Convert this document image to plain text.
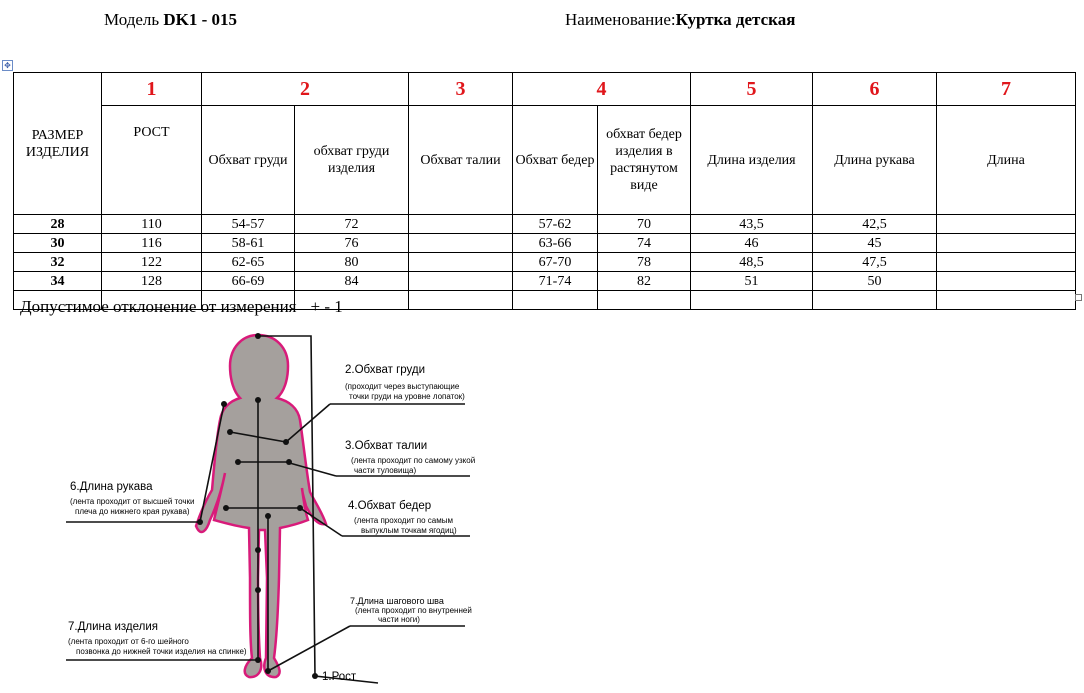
Модель DK1 - 015	Наименование:Куртка детская
✥
РАЗМЕР ИЗДЕЛИЯ	1	2		3	4		5	6	7
	РОСТ	Обхват груди	обхват груди изделия	Обхват талии	Обхват бедер	обхват бедер изделия в растянутом виде	Длина изделия	Длина рукава	Длина
28	110	54-57	72		57-62	70	43,5	42,5	
30	116	58-61	76		63-66	74	46	45	
32	122	62-65	80		67-70	78	48,5	47,5	
34	128	66-69	84		71-74	82	51	50	

Допустимое отклонение от измерения + - 1
2.Обхват груди
(проходит через выступающие
точки груди на уровне лопаток)
3.Обхват талии
(лента проходит по самому узкой
части туловища)
4.Обхват бедер
(лента проходит по самым
выпуклым точкам ягодиц)
6.Длина рукава
(лента проходит от высшей точки
плеча до нижнего края рукава)
7.Длина шагового шва
(лента проходит по внутренней
части ноги)
7.Длина изделия
(лента проходит от 6-го шейного
позвонка до нижней точки изделия на спинке)
1.Рост
